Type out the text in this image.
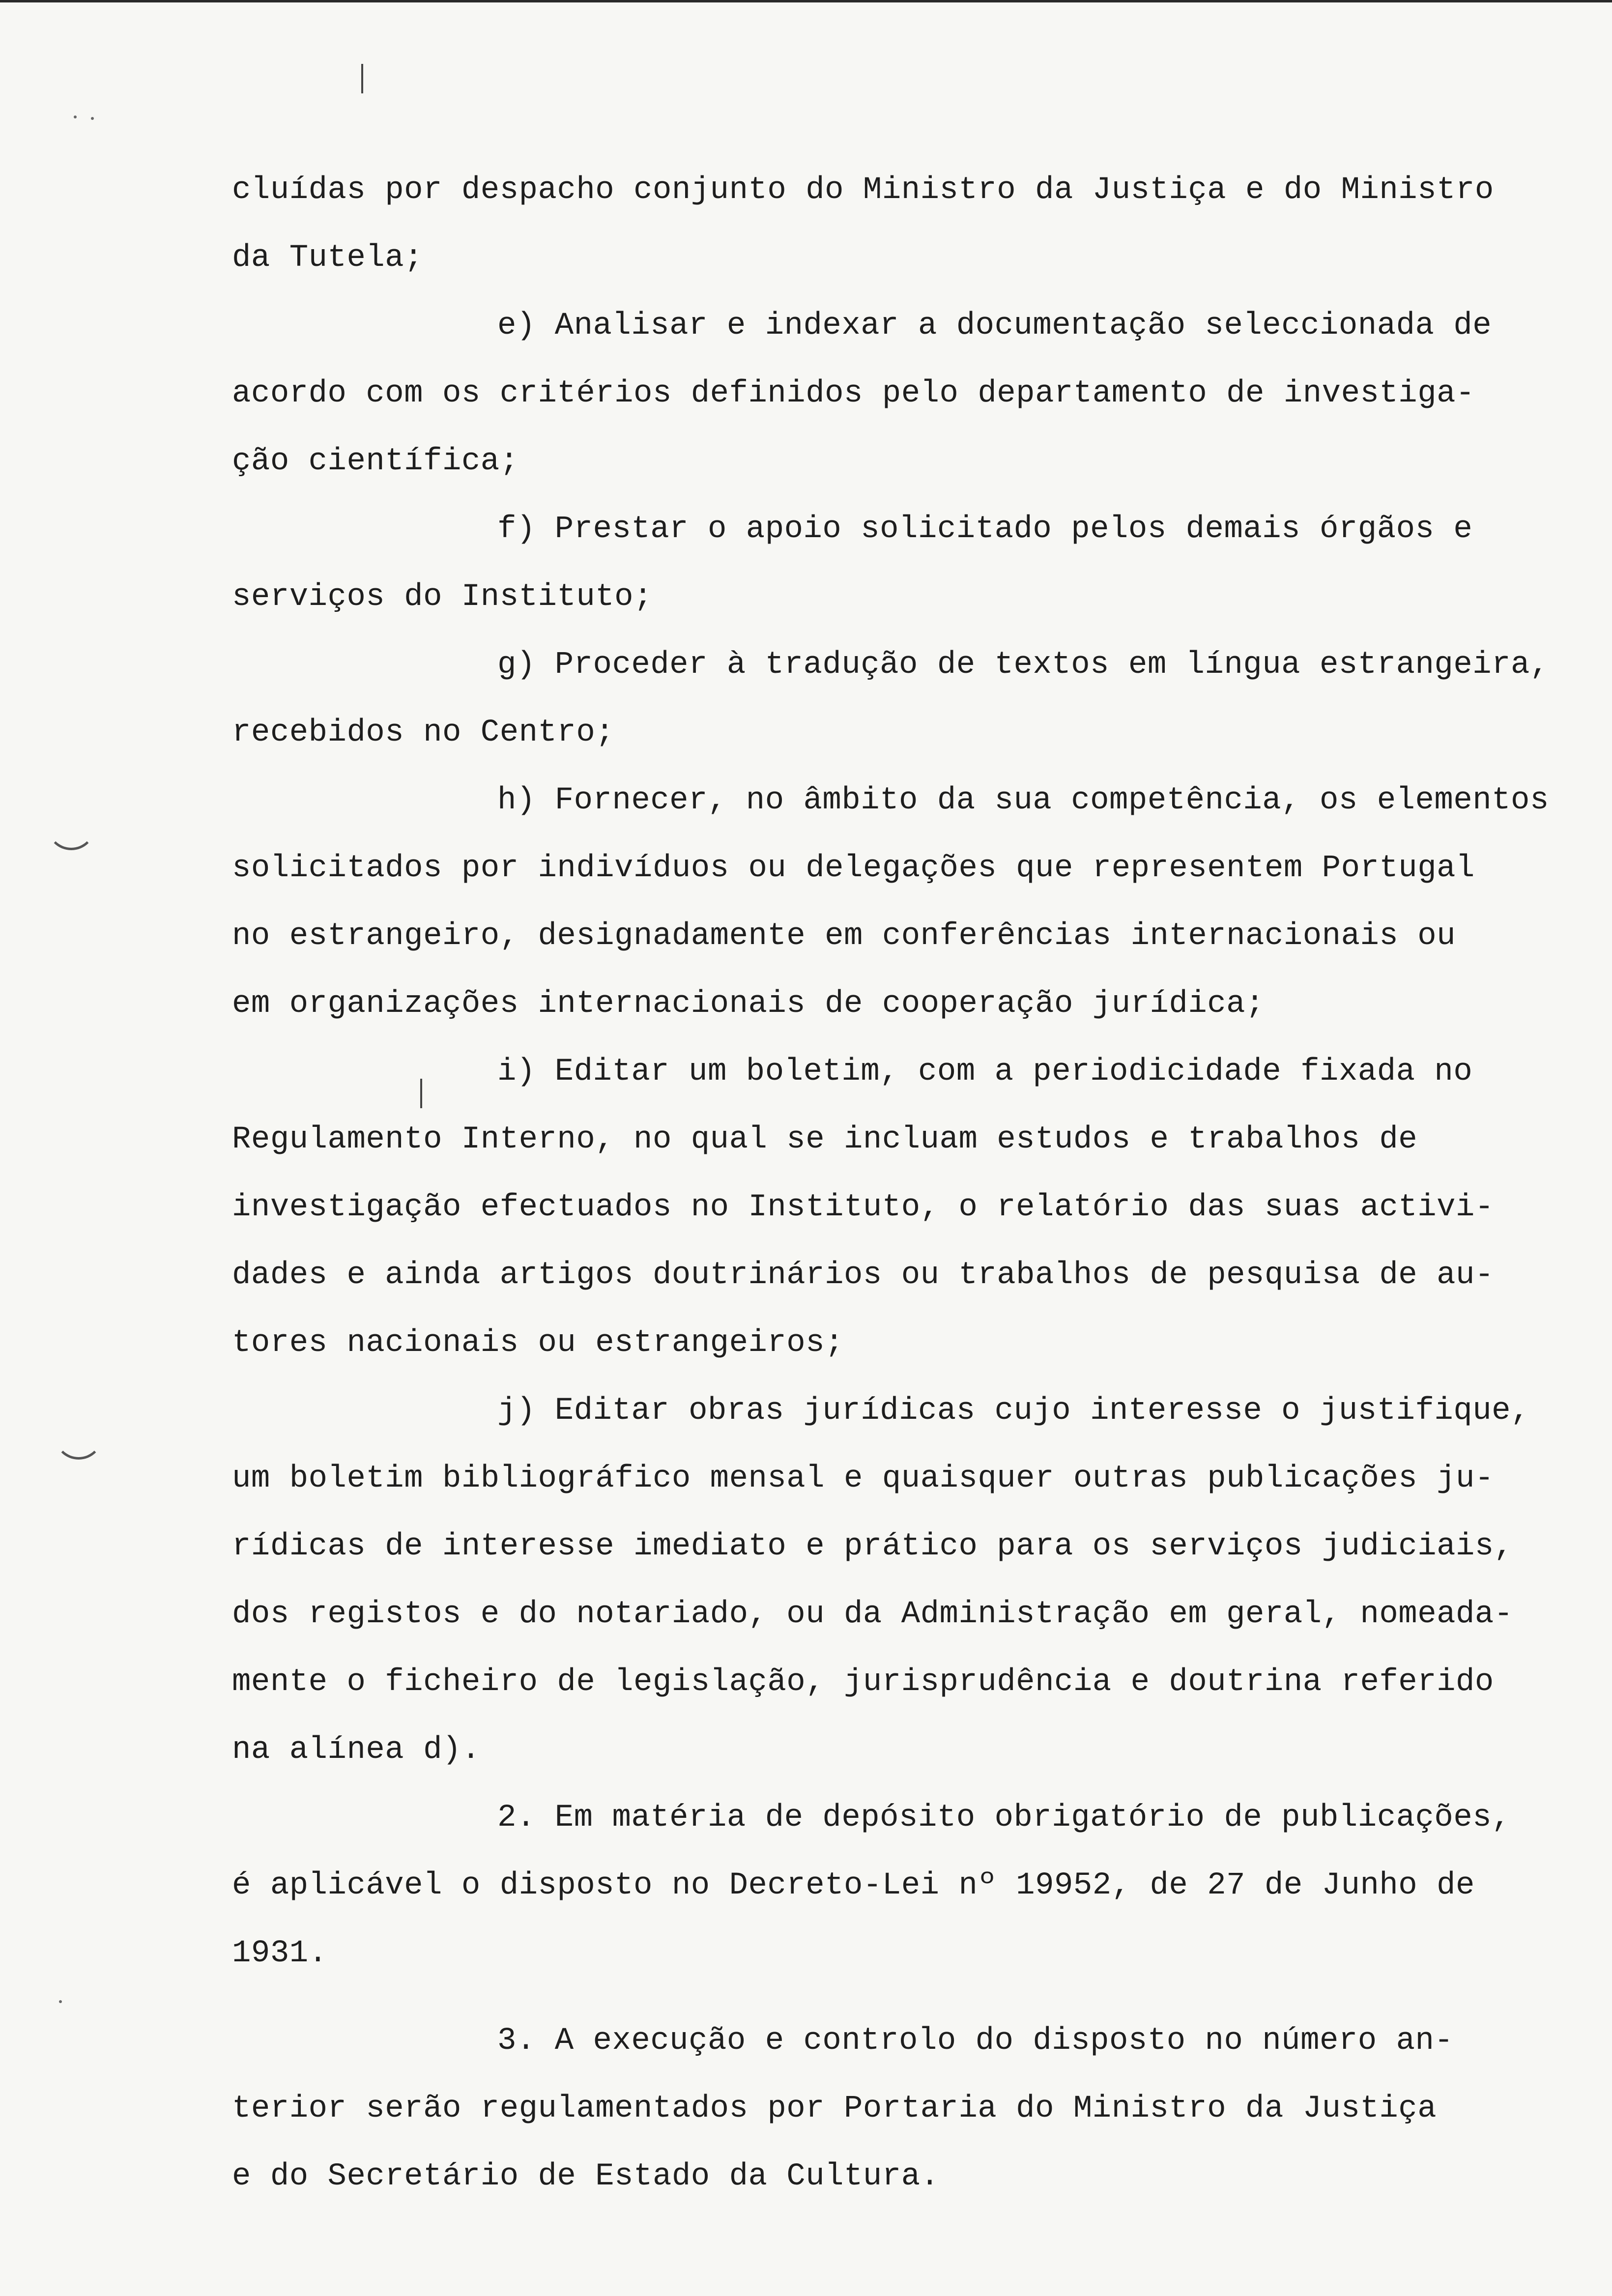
cluídas por despacho conjunto do Ministro da Justiça e do Ministro
da Tutela;
e) Analisar e indexar a documentação seleccionada de
acordo com os critérios definidos pelo departamento de investiga-
ção científica;
f) Prestar o apoio solicitado pelos demais órgãos e
serviços do Instituto;
g) Proceder à tradução de textos em língua estrangeira,
recebidos no Centro;
h) Fornecer, no âmbito da sua competência, os elementos
solicitados por indivíduos ou delegações que representem Portugal
no estrangeiro, designadamente em conferências internacionais ou
em organizações internacionais de cooperação jurídica;
i) Editar um boletim, com a periodicidade fixada no
Regulamento Interno, no qual se incluam estudos e trabalhos de
investigação efectuados no Instituto, o relatório das suas activi-
dades e ainda artigos doutrinários ou trabalhos de pesquisa de au-
tores nacionais ou estrangeiros;
j) Editar obras jurídicas cujo interesse o justifique,
um boletim bibliográfico mensal e quaisquer outras publicações ju-
rídicas de interesse imediato e prático para os serviços judiciais,
dos registos e do notariado, ou da Administração em geral, nomeada-
mente o ficheiro de legislação, jurisprudência e doutrina referido
na alínea d).
2. Em matéria de depósito obrigatório de publicações,
é aplicável o disposto no Decreto-Lei nº 19952, de 27 de Junho de
1931.
3. A execução e controlo do disposto no número an-
terior serão regulamentados por Portaria do Ministro da Justiça
e do Secretário de Estado da Cultura.
